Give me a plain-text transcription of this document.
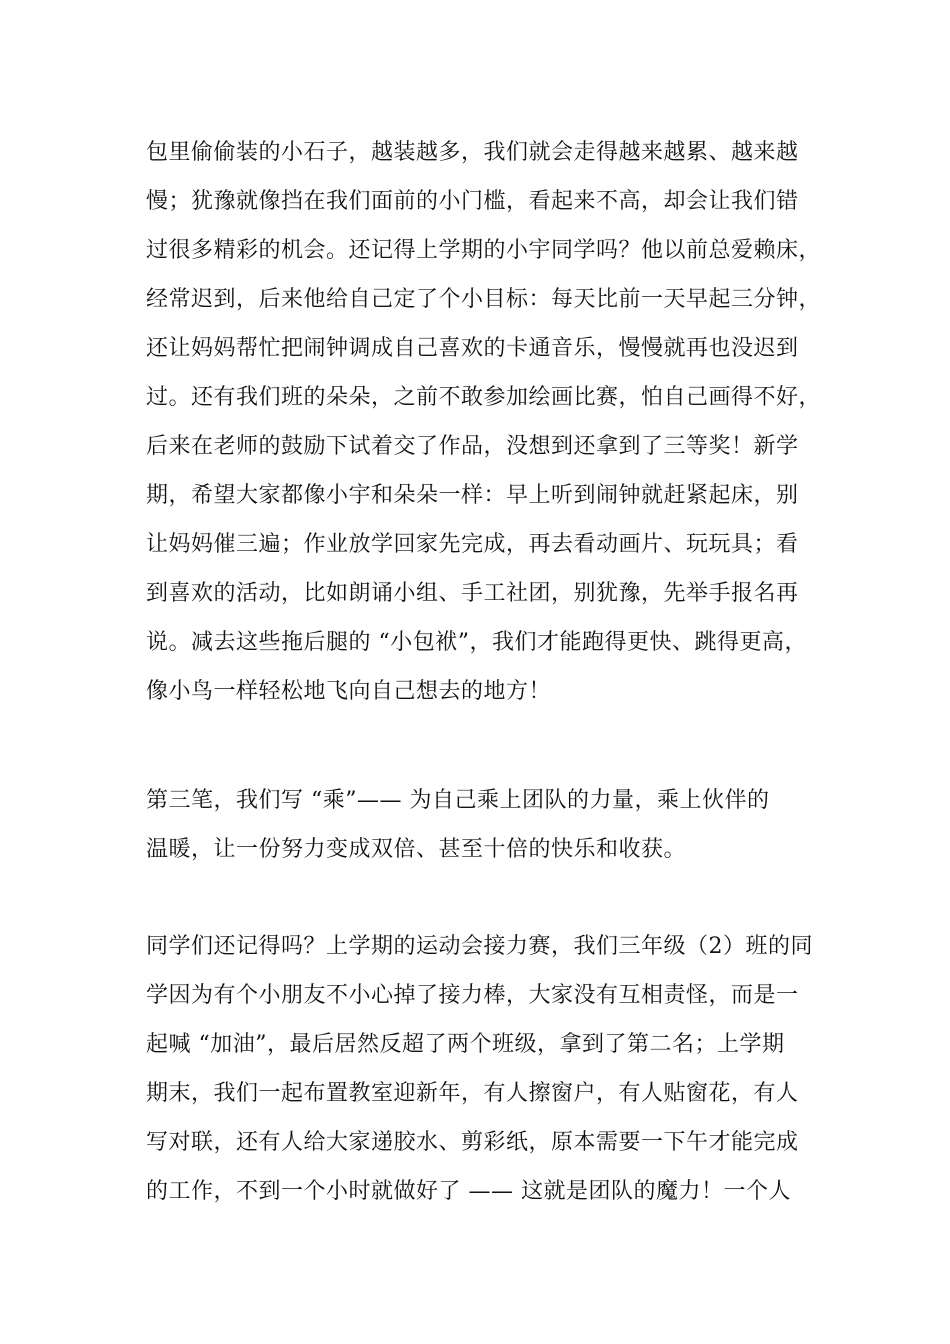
包里偷偷装的小石子，越装越多，我们就会走得越来越累、越来越
慢；犹豫就像挡在我们面前的小门槛，看起来不高，却会让我们错
过很多精彩的机会。还记得上学期的小宇同学吗？他以前总爱赖床，
经常迟到，后来他给自己定了个小目标：每天比前一天早起三分钟，
还让妈妈帮忙把闹钟调成自己喜欢的卡通音乐，慢慢就再也没迟到
过。还有我们班的朵朵，之前不敢参加绘画比赛，怕自己画得不好，
后来在老师的鼓励下试着交了作品，没想到还拿到了三等奖！新学
期，希望大家都像小宇和朵朵一样：早上听到闹钟就赶紧起床，别
让妈妈催三遍；作业放学回家先完成，再去看动画片、玩玩具；看
到喜欢的活动，比如朗诵小组、手工社团，别犹豫，先举手报名再
说。减去这些拖后腿的 “小包袱”，我们才能跑得更快、跳得更高，
像小鸟一样轻松地飞向自己想去的地方！
第三笔，我们写 “乘”—— 为自己乘上团队的力量，乘上伙伴的
温暖，让一份努力变成双倍、甚至十倍的快乐和收获。
同学们还记得吗？上学期的运动会接力赛，我们三年级（2）班的同
学因为有个小朋友不小心掉了接力棒，大家没有互相责怪，而是一
起喊 “加油”，最后居然反超了两个班级，拿到了第二名；上学期
期末，我们一起布置教室迎新年，有人擦窗户，有人贴窗花，有人
写对联，还有人给大家递胶水、剪彩纸，原本需要一下午才能完成
的工作，不到一个小时就做好了 —— 这就是团队的魔力！一个人
